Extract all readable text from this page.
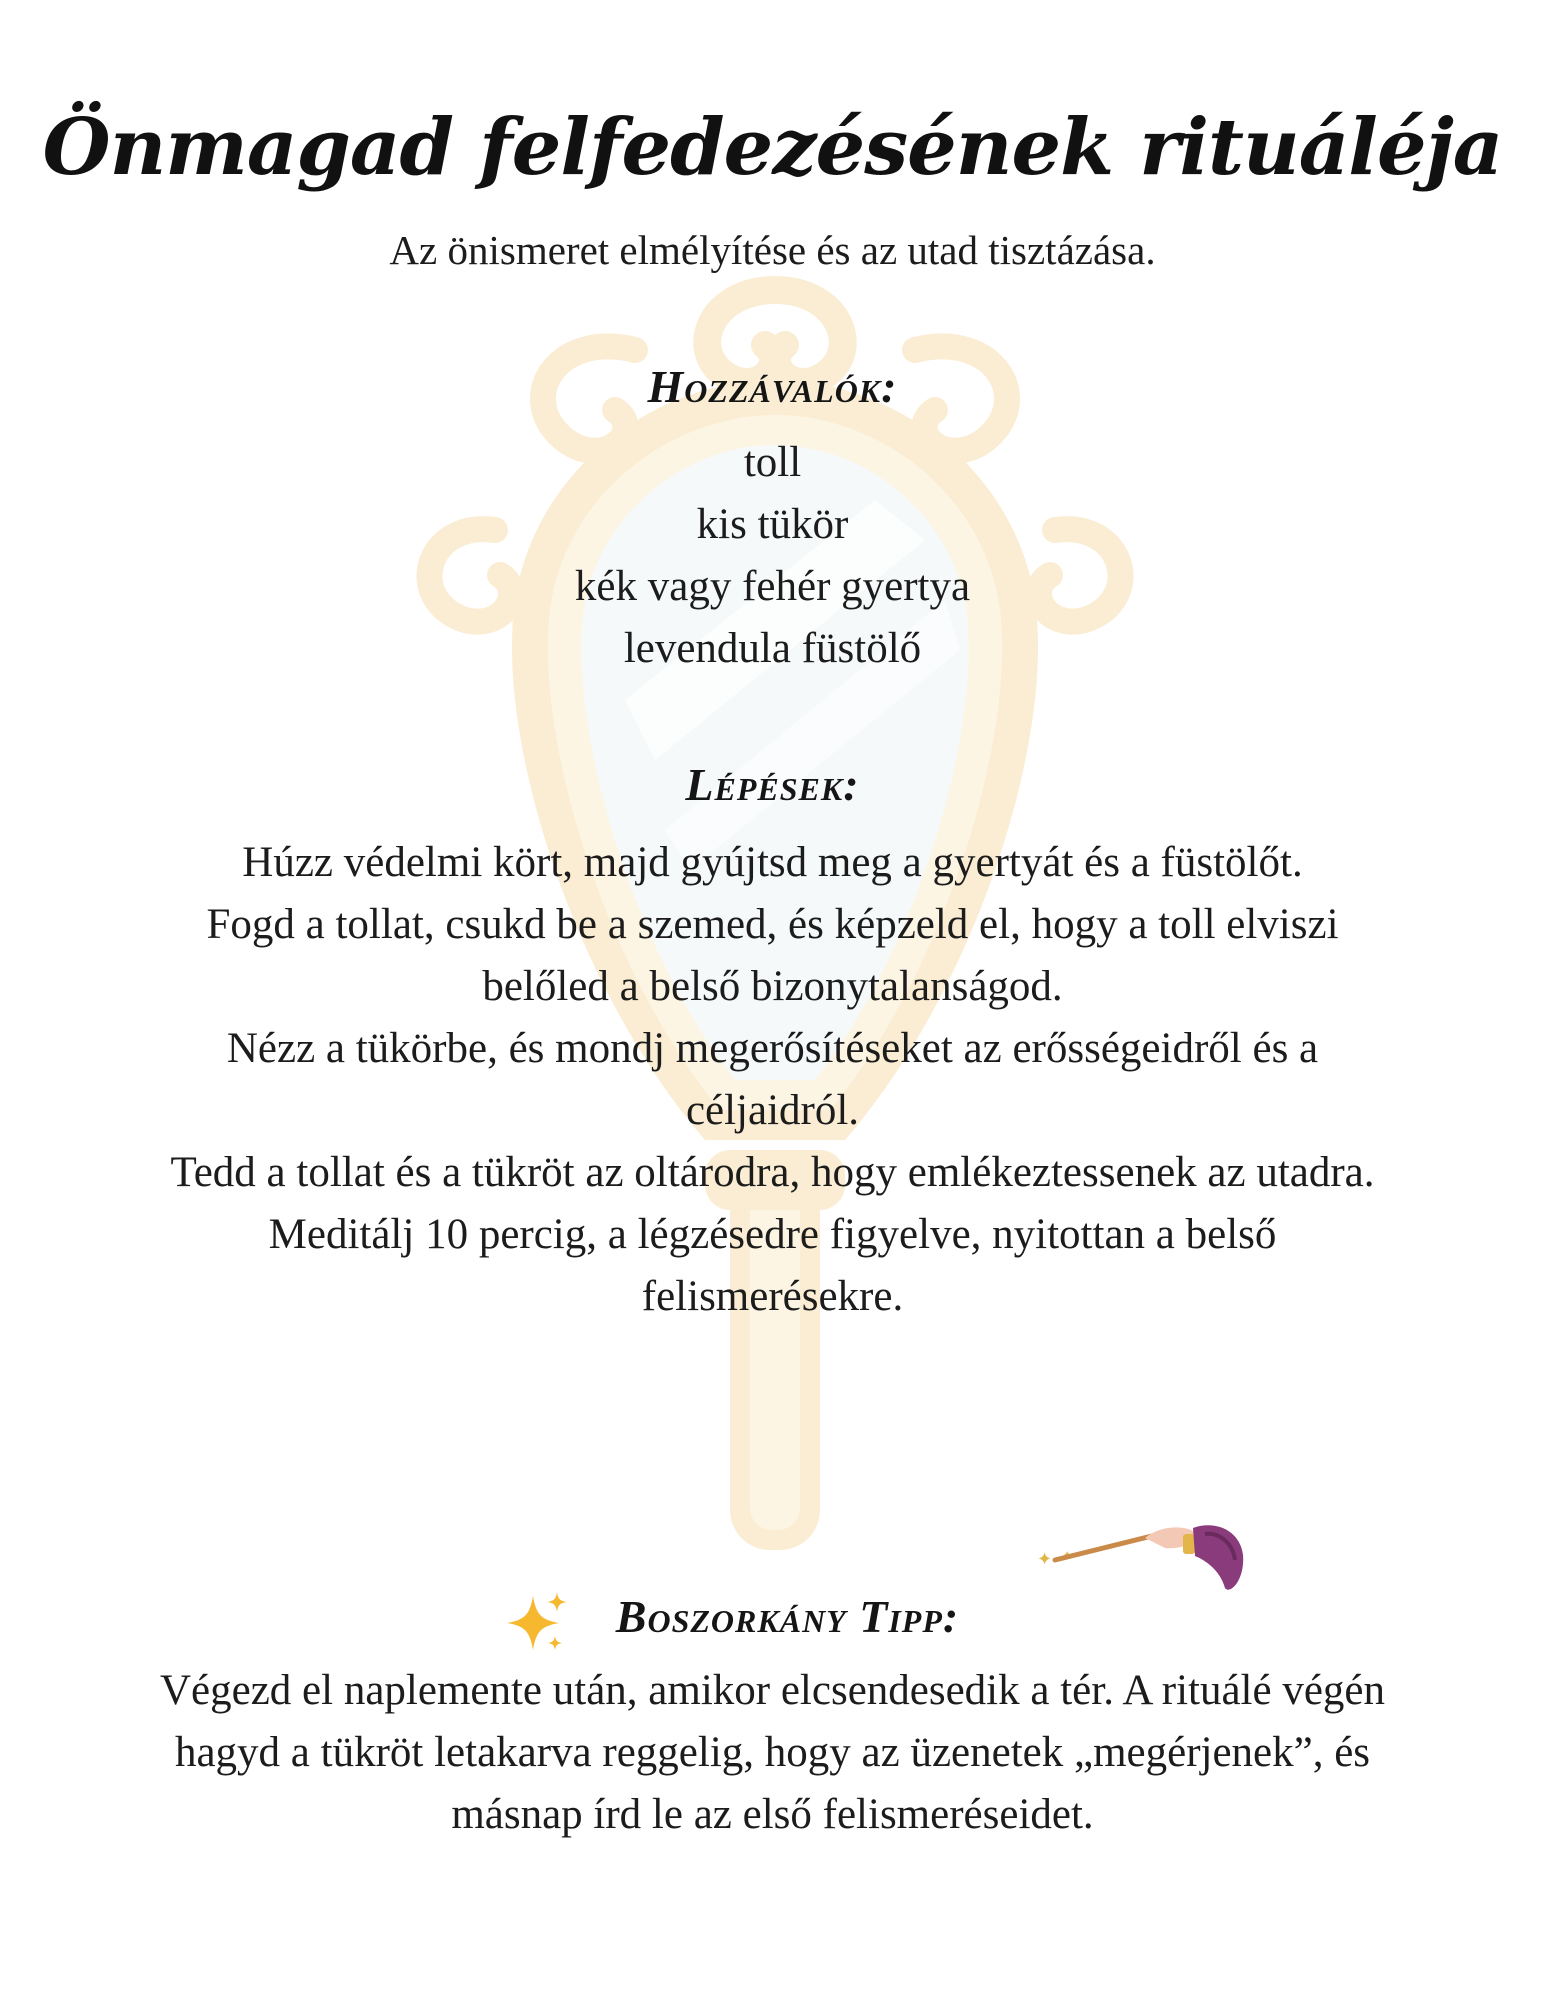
Önmagad felfedezésének rituáléja
Az önismeret elmélyítése és az utad tisztázása.
Hozzávalók:
toll
kis tükör
kék vagy fehér gyertya
levendula füstölő
Lépések:
Húzz védelmi kört, majd gyújtsd meg a gyertyát és a füstölőt.
Fogd a tollat, csukd be a szemed, és képzeld el, hogy a toll elviszi belőled a belső bizonytalanságod.
Nézz a tükörbe, és mondj megerősítéseket az erősségeidről és a céljaidról.
Tedd a tollat és a tükröt az oltárodra, hogy emlékeztessenek az utadra.
Meditálj 10 percig, a légzésedre figyelve, nyitottan a belső felismerésekre.
Boszorkány Tipp:
✦
Végezd el naplemente után, amikor elcsendesedik a tér. A rituálé végén hagyd a tükröt letakarva reggelig, hogy az üzenetek „megérjenek”, és másnap írd le az első felismeréseidet.
